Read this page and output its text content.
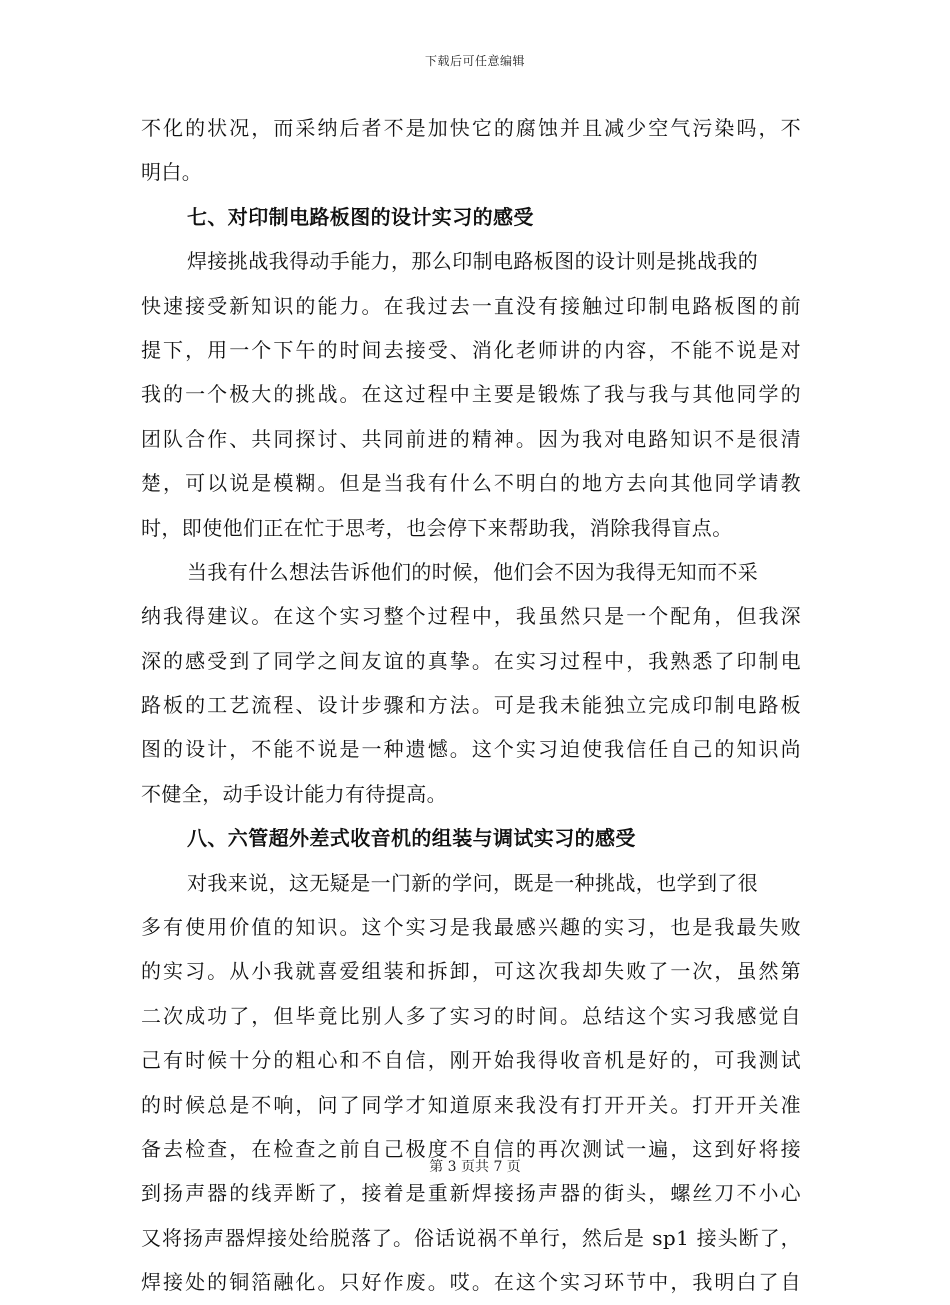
下载后可任意编辑
不化的状况，而采纳后者不是加快它的腐蚀并且减少空气污染吗，不
明白。
七、对印制电路板图的设计实习的感受
焊接挑战我得动手能力，那么印制电路板图的设计则是挑战我的
快速接受新知识的能力。在我过去一直没有接触过印制电路板图的前
提下，用一个下午的时间去接受、消化老师讲的内容，不能不说是对
我的一个极大的挑战。在这过程中主要是锻炼了我与我与其他同学的
团队合作、共同探讨、共同前进的精神。因为我对电路知识不是很清
楚，可以说是模糊。但是当我有什么不明白的地方去向其他同学请教
时，即使他们正在忙于思考，也会停下来帮助我，消除我得盲点。
当我有什么想法告诉他们的时候，他们会不因为我得无知而不采
纳我得建议。在这个实习整个过程中，我虽然只是一个配角，但我深
深的感受到了同学之间友谊的真挚。在实习过程中，我熟悉了印制电
路板的工艺流程、设计步骤和方法。可是我未能独立完成印制电路板
图的设计，不能不说是一种遗憾。这个实习迫使我信任自己的知识尚
不健全，动手设计能力有待提高。
八、六管超外差式收音机的组装与调试实习的感受
对我来说，这无疑是一门新的学问，既是一种挑战，也学到了很
多有使用价值的知识。这个实习是我最感兴趣的实习，也是我最失败
的实习。从小我就喜爱组装和拆卸，可这次我却失败了一次，虽然第
二次成功了，但毕竟比别人多了实习的时间。总结这个实习我感觉自
己有时候十分的粗心和不自信，刚开始我得收音机是好的，可我测试
的时候总是不响，问了同学才知道原来我没有打开开关。打开开关准
备去检查，在检查之前自己极度不自信的再次测试一遍，这到好将接
到扬声器的线弄断了，接着是重新焊接扬声器的街头，螺丝刀不小心
又将扬声器焊接处给脱落了。俗话说祸不单行，然后是 sp1 接头断了，
焊接处的铜箔融化。只好作废。哎。在这个实习环节中，我明白了自
第 3 页共 7 页
